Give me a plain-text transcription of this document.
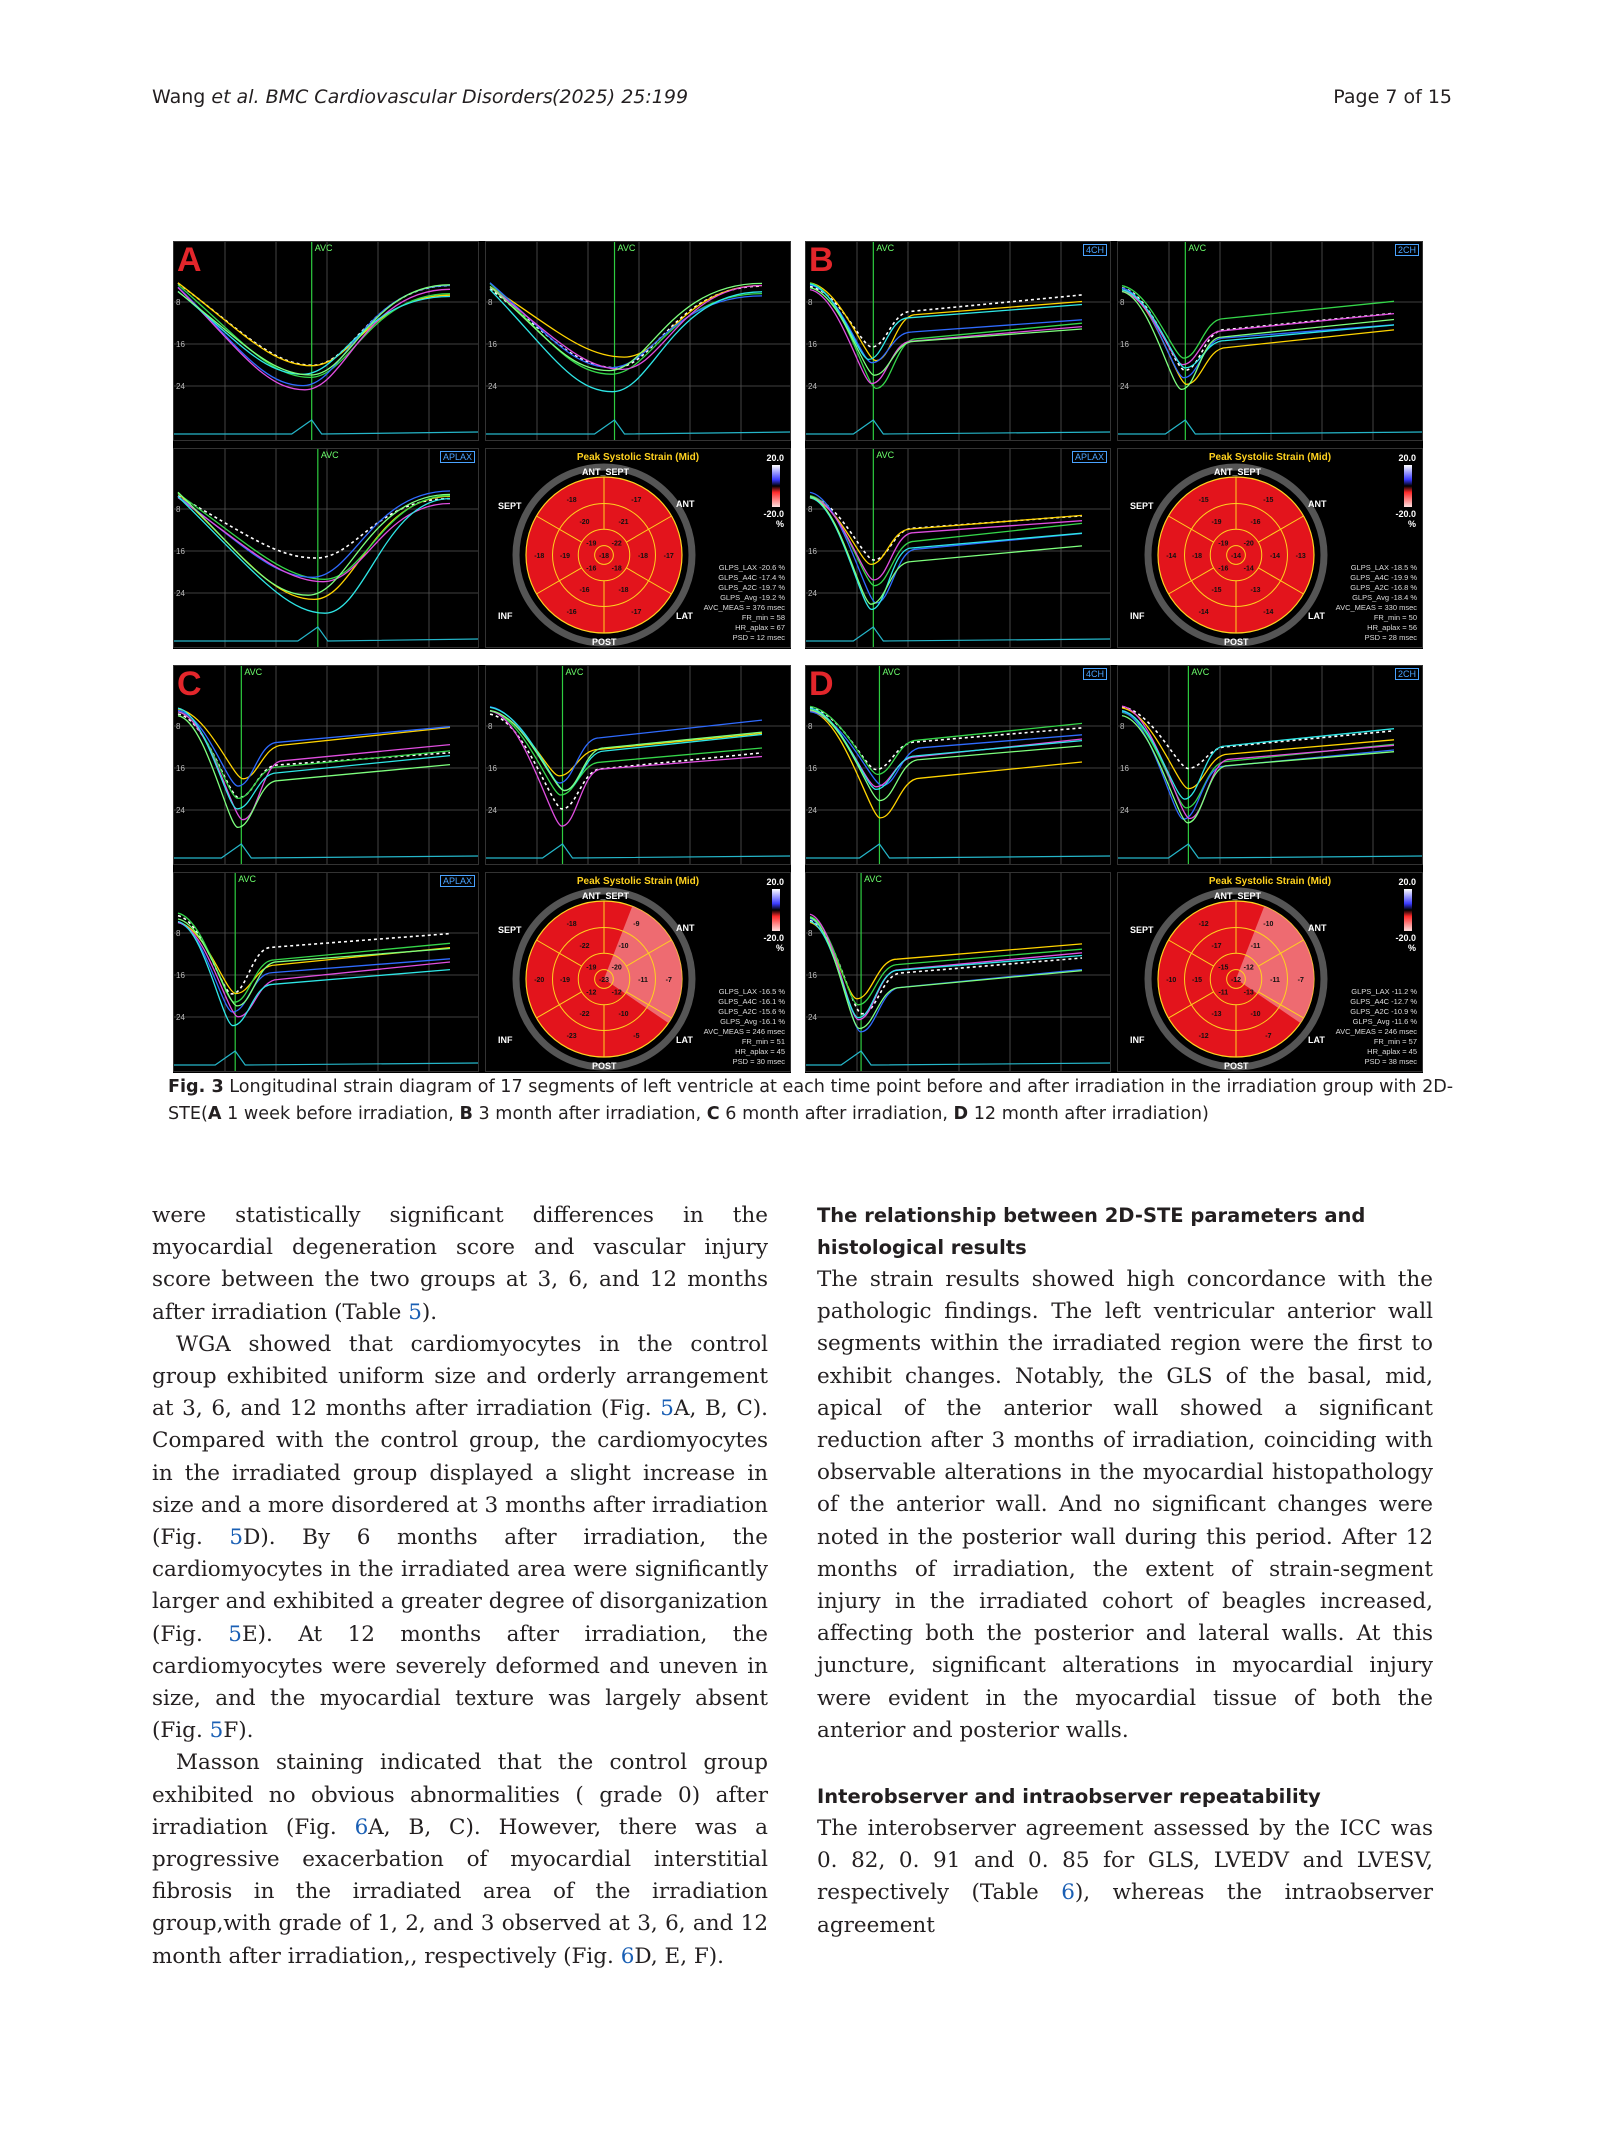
Wang et al. BMC Cardiovascular Disorders (2025) 25:199	Page 7 of 15
8
16
24
AVC
8
16
24
AVC
8
16
24
AVC	APLAX	Peak Systolic Strain (Mid)	20.0
-20.0
%
-17
-17
-17
-16
-18
-18
-21
-18
-18
-16
-19
-20
-22
-18
-16
-19
-18
ANT_SEPT
ANT
SEPT
LAT
INF
POST
GLPS_LAX -20.6 %
GLPS_A4C -17.4 %
GLPS_A2C -19.7 %
GLPS_Avg -19.2 %
AVC_MEAS = 376 msec
FR_min = 58
HR_aplax = 67
PSD = 12 msec
A
8
16
24
AVC	4CH
8
16
24
AVC	2CH
8
16
24
AVC	APLAX	Peak Systolic Strain (Mid)	20.0
-20.0
%
-15
-13
-14
-14
-14
-15
-16
-14
-13
-15
-18
-19
-20
-14
-16
-19
-14
ANT_SEPT
ANT
SEPT
LAT
INF
POST
GLPS_LAX -18.5 %
GLPS_A4C -19.9 %
GLPS_A2C -16.8 %
GLPS_Avg -18.4 %
AVC_MEAS = 330 msec
FR_min = 50
HR_aplax = 56
PSD = 28 msec
B
8
16
24
AVC
8
16
24
AVC
8
16
24
AVC	APLAX	Peak Systolic Strain (Mid)	20.0
-20.0
%
-9
-7
-5
-23
-20
-18
-10
-11
-10
-22
-19
-22
-20
-12
-12
-19
-23
ANT_SEPT
ANT
SEPT
LAT
INF
POST
GLPS_LAX -16.5 %
GLPS_A4C -16.1 %
GLPS_A2C -15.6 %
GLPS_Avg -16.1 %
AVC_MEAS = 246 msec
FR_min = 51
HR_aplax = 45
PSD = 30 msec
C
8
16
24
AVC	4CH
8
16
24
AVC	2CH
8
16
24
AVC	Peak Systolic Strain (Mid)	20.0
-20.0
%
-10
-7
-7
-12
-10
-12
-11
-11
-10
-13
-15
-17
-12
-13
-11
-15
-12
ANT_SEPT
ANT
SEPT
LAT
INF
POST
GLPS_LAX -11.2 %
GLPS_A4C -12.7 %
GLPS_A2C -10.9 %
GLPS_Avg -11.6 %
AVC_MEAS = 246 msec
FR_min = 57
HR_aplax = 45
PSD = 38 msec
D
Fig. 3 Longitudinal strain diagram of 17 segments of left ventricle at each time point before and after irradiation in the irradiation group with 2D-STE(A 1 week before irradiation, B 3 month after irradiation, C 6 month after irradiation, D 12 month after irradiation)

were statistically significant differences in the myocardial degeneration score and vascular injury score between the two groups at 3, 6, and 12 months after irradiation (Table 5).

WGA showed that cardiomyocytes in the control group exhibited uniform size and orderly arrangement at 3, 6, and 12 months after irradiation (Fig. 5A, B, C). Compared with the control group, the cardiomyocytes in the irradiated group displayed a slight increase in size and a more disordered at 3 months after irradiation (Fig. 5D). By 6 months after irradiation, the cardiomyocytes in the irradiated area were significantly larger and exhibited a greater degree of disorganization (Fig. 5E). At 12 months after irradiation, the cardiomyocytes were severely deformed and uneven in size, and the myocardial texture was largely absent (Fig. 5F).

Masson staining indicated that the control group exhibited no obvious abnormalities ( grade 0) after irradiation (Fig. 6A, B, C). However, there was a progressive exacerbation of myocardial interstitial fibrosis in the irradiated area of the irradiation group,with grade of 1, 2, and 3 observed at 3, 6, and 12 month after irradiation,, respectively (Fig. 6D, E, F).

The relationship between 2D-STE parameters and histological results

The strain results showed high concordance with the pathologic findings. The left ventricular anterior wall segments within the irradiated region were the first to exhibit changes. Notably, the GLS of the basal, mid, apical of the anterior wall showed a significant reduction after 3 months of irradiation, coinciding with observable alterations in the myocardial histopathology of the anterior wall. And no significant changes were noted in the posterior wall during this period. After 12 months of irradiation, the extent of strain-segment injury in the irradiated cohort of beagles increased, affecting both the posterior and lateral walls. At this juncture, significant alterations in myocardial injury were evident in the myocardial tissue of both the anterior and posterior walls.

Interobserver and intraobserver repeatability

The interobserver agreement assessed by the ICC was 0. 82, 0. 91 and 0. 85 for GLS, LVEDV and LVESV, respectively (Table 6), whereas the intraobserver agreement
